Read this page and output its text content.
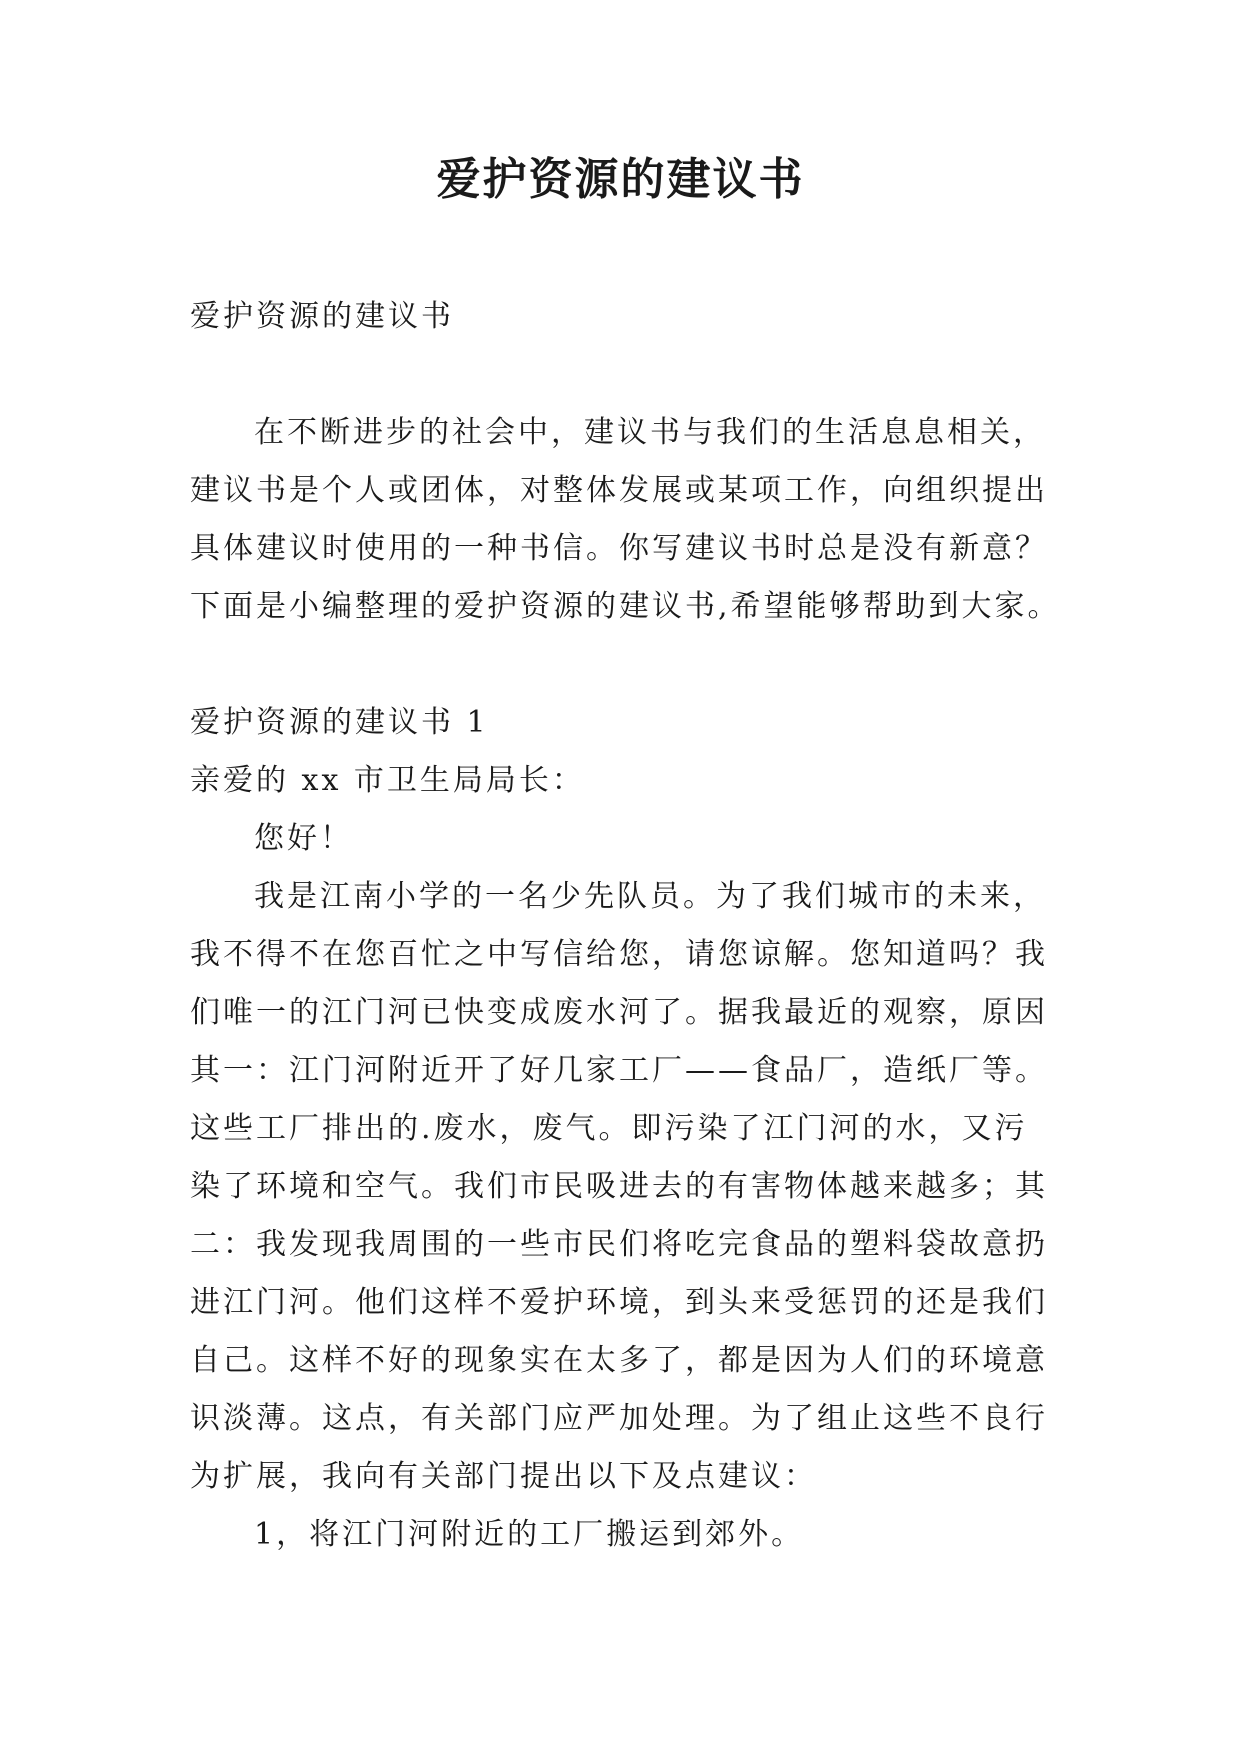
爱护资源的建议书
爱护资源的建议书
在不断进步的社会中，建议书与我们的生活息息相关，
建议书是个人或团体，对整体发展或某项工作，向组织提出
具体建议时使用的一种书信。你写建议书时总是没有新意？
下面是小编整理的爱护资源的建议书,希望能够帮助到大家。
爱护资源的建议书 1
亲爱的 xx 市卫生局局长：
您好！
我是江南小学的一名少先队员。为了我们城市的未来，
我不得不在您百忙之中写信给您，请您谅解。您知道吗？我
们唯一的江门河已快变成废水河了。据我最近的观察，原因
其一：江门河附近开了好几家工厂——食品厂，造纸厂等。
这些工厂排出的.废水，废气。即污染了江门河的水，又污
染了环境和空气。我们市民吸进去的有害物体越来越多；其
二：我发现我周围的一些市民们将吃完食品的塑料袋故意扔
进江门河。他们这样不爱护环境，到头来受惩罚的还是我们
自己。这样不好的现象实在太多了，都是因为人们的环境意
识淡薄。这点，有关部门应严加处理。为了组止这些不良行
为扩展，我向有关部门提出以下及点建议：
1，将江门河附近的工厂搬运到郊外。
